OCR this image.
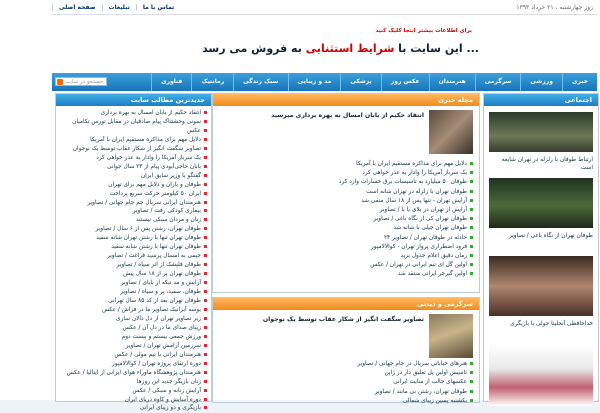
صفحه اصلی	تبلیغات	تماس با ما	روز چهارشنبه ، ۲۱ خرداد ۱۳۹۳
برای اطلاعات بیشتر اینجا کلیک کنید
این سایت با شرایط استثنایی به فروش می رسد ...
خبری
ورزشی
سرگرمی
هنرمندان
عکس روز
پزشکی
مد و زیبایی
سبک زندگی
رمانتیک
فناوری
جستجو در سایت
جدیدترین مطالب سایت
انتقاد حکیم از بابان امسال به بهره برداری
سونی وحشتناک پیام صادقیان در مقابل تورس تکامیان
عکس
دلایل مهم برای مذاکره مستقیم ایران با آمریکا
تصاویر سگفت انگیز از شکار عقاب توسط یک نوجوان
یک سرباز آمریکا را وادار به عذر خواهی کرد
بابان حاجی‌آبودی پیام از ۲۴ سال جوانی
گفتگو با وزیر سابق ایران
طوفان و باران و دلایل مهم برای تهران
ایران ۵۰ کیلومتر حرکت سریع پرداخت
هنرمندان ایرانی سریال جم جام جهانی / تصاویر
بیماری کودکی رفت / تصاویر
زنان و مردان سبکی نیستند
طوفان تهران، رشتن پس از ۶ سال / تصاویر
طوفان تهران تنها با رشتن تهران شانه سفید
طوفان تهران تنها با رشتن شانه سفید
جیمی به امسال پرسید فراغت / تصاویر
طوفان فلپشک از اثر سیاه / تصاویر
طوفان تهران پر از ۱۸ سال پیش
آرایش و مد تیکه از بابای / تصاویر
طوفان، سفید، پر و سیاه / تصاویر
طوفان تهران بعد از کد ۸۵ سال تهرانی
بوسه آبرانیک تصاویر ما در فراش / عکس
زیر تصاویر تهران از دل دالان ساری
زیبای صدای ما در دل آن / عکس
ورزش جمعی بیستم و بیست دوم
سرزمین آرامش تهران / تصاویر
هنرمندان ایرانی با تیم مولی / عکس
دوره ارتقای پروژه تهران / کوالالامپور
هنرمندان پژوهشگاه ماوراء هوای ایرانی از ایتالیا / عکس
زنان بازیگر جدید این روزها
آرایش زنانه و سبکی / عکس
دوره آسایش و کاوه دریای ایران
بازیگری و دو زیبای ایرانی
مجله خبری
انتقاد حکیم از بابان امسال به بهره برداری میرسید
دلایل مهم برای مذاکره مستقیم ایران با آمریکا
یک سرباز آمریکا را وادار به عذر خواهی کرد
طوفان ۵۰ میلیارد به تاسیسات برق خسارات وارد کرد
طوفان تهران با زلزله در تهران شانه است
آرایش تهران - تنها پس از ۱۸ سال منفی شد
آرایش از تهران در بلای یا با / تصاویر
طوفان تهران کی از نگاه باغی / تصاویر
طوفان تهران جیلی با شانه شد
۲۴ حادثه در طوفان تهران / تصاویر
فرود اضطراری پرواز تهران - کوالالامپور
زمان دقیق اعلام جدول برید
اولین گل ای تیم ایرانی در تهران / عکس
اولین گیرجر ایرانی منتقد شد
سرگرمی و دیدنی
تصاویر سگفت انگیز از شکار عقاب توسط یک نوجوان
هنرهای خیابانی سریال در جام جهانی / تصاویر
تاسیس اولین پل تعلیق دار در ژاپن
عکسهای جالب از سایت ایرانی
طوفان تهران، رشتن بی مانند / تصاویر
یکشنبه پسین زیبای شمالی
اجتماعی
ارتباط طوفان با زلزله در تهران شایعه است
طوفان تهران از نگاه باغی / تصاویر
خداحافظی آنجلینا جولی با بازیگری
